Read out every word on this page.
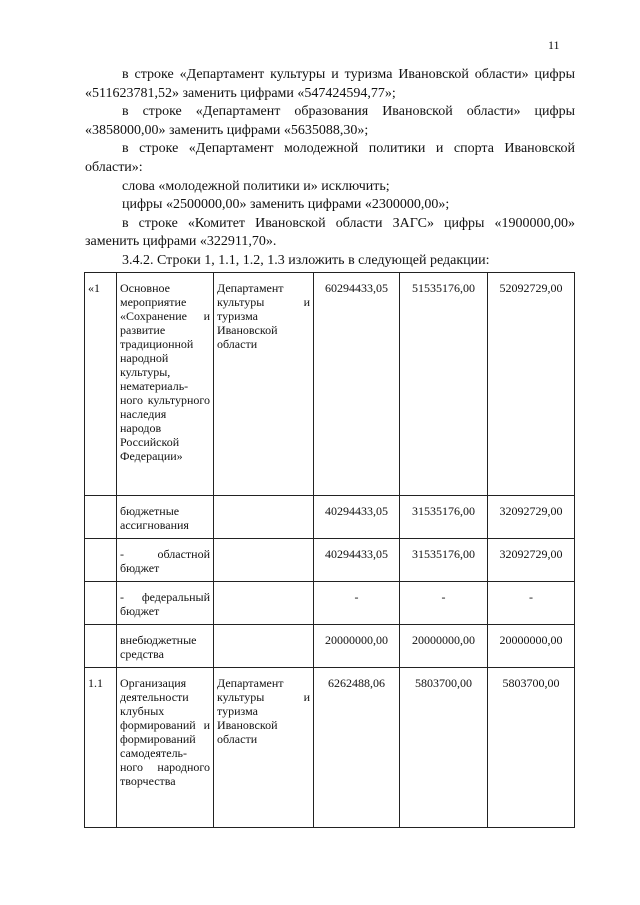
11

в строке «Департамент культуры и туризма Ивановской области» цифры «511623781,52» заменить цифрами «547424594,77»;

в строке «Департамент образования Ивановской области» цифры «3858000,00» заменить цифрами «5635088,30»;

в строке «Департамент молодежной политики и спорта Ивановской области»:

слова «молодежной политики и» исключить;

цифры «2500000,00» заменить цифрами «2300000,00»;

в строке «Комитет Ивановской области ЗАГС» цифры «1900000,00» заменить цифрами «322911,70».

3.4.2. Строки 1, 1.1, 1.2, 1.3 изложить в следующей редакции:

«1	Основное мероприятие «Сохранение и развитие традиционной народной культуры, нематериаль-ного культурного наследия народов Российской Федерации»	Департамент культуры и туризма Ивановской области	60294433,05	51535176,00	52092729,00
	бюджетные ассигнования		40294433,05	31535176,00	32092729,00
	- областной бюджет		40294433,05	31535176,00	32092729,00
	- федеральный бюджет		-	-	-
	внебюджетные средства		20000000,00	20000000,00	20000000,00
1.1	Организация деятельности клубных формирований и формирований самодеятель-ного народного творчества	Департамент культуры и туризма Ивановской области	6262488,06	5803700,00	5803700,00
